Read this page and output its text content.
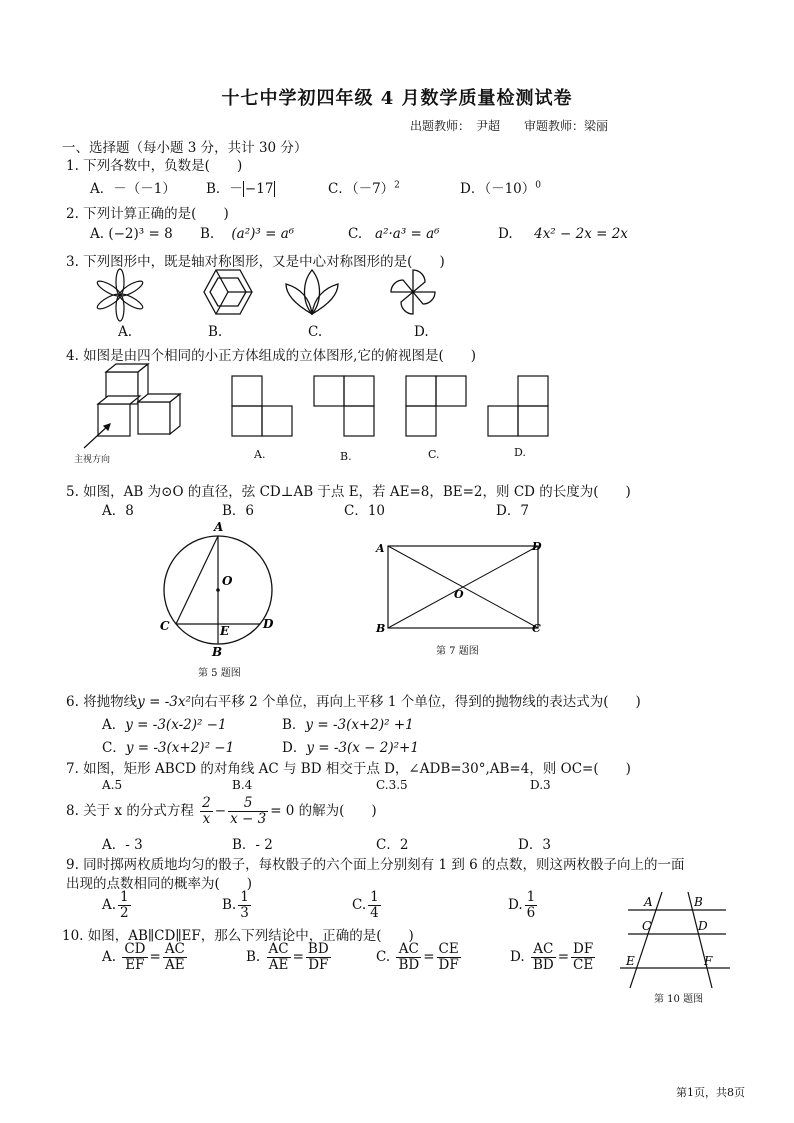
十七中学初四年级 4 月数学质量检测试卷
出题教师：　尹超　　审题教师：梁丽
一、选择题（每小题 3 分，共计 30 分）
1. 下列各数中，负数是(　　)
A．－（－1） B．－ −17	C．$(-7)^2$	D．$(-10)^0$
2. 下列计算正确的是(　　)
A. (−2)³ = 8 B. (a²)³ = a⁶	C. a²·a³ = a⁶	D. 4x² − 2x = 2x
3. 下列图形中，既是轴对称图形，又是中心对称图形的是(　　)
A.	B.	C.	D.
4. 如图是由四个相同的小正方体组成的立体图形,它的俯视图是(　　)
主视方向	A.	B.	C.	D.
5. 如图，AB 为⊙O 的直径，弦 CD⊥AB 于点 E，若 AE=8，BE=2，则 CD 的长度为(　　)
A．8	B．6	C．10	D．7
A
O
C	E	D
B
第 5 题图
A	D
O
B	C
第 7 题图
6. 将抛物线y = -3x²向右平移 2 个单位，再向上平移 1 个单位，得到的抛物线的表达式为(　　)
A．y = -3(x-2)² −1	B．y = -3(x+2)² +1
C．y = -3(x+2)² −1	D．y = -3(x − 2)²+1
7. 如图，矩形 ABCD 的对角线 AC 与 BD 相交于点 D，∠ADB=30°,AB=4，则 OC=(　　)
A.5	B.4	C.3.5	D.3
8. 关于 x 的分式方程 $\frac{2}{x} - \frac{5}{x - 3} = 0$ 的解为(　　)
A．- 3	B．- 2	C．2	D．3
9. 同时掷两枚质地均匀的骰子，每枚骰子的六个面上分别刻有 1 到 6 的点数，则这两枚骰子向上的一面
出现的点数相同的概率为(　　)
A. $\frac{1}{2}$	B. $\frac{1}{3}$	C. $\frac{1}{4}$	D. $\frac{1}{6}$
10. 如图，AB∥CD∥EF，那么下列结论中，正确的是(　　)
A. $\frac{CD}{EF} = \frac{AC}{AE}$	B. $\frac{AC}{AE} = \frac{BD}{DF}$	C. $\frac{AC}{BD} = \frac{CE}{DF}$	D. $\frac{AC}{BD} = \frac{DF}{CE}$
A	B
C	D
E	F
第 10 题图
第1页，共8页
